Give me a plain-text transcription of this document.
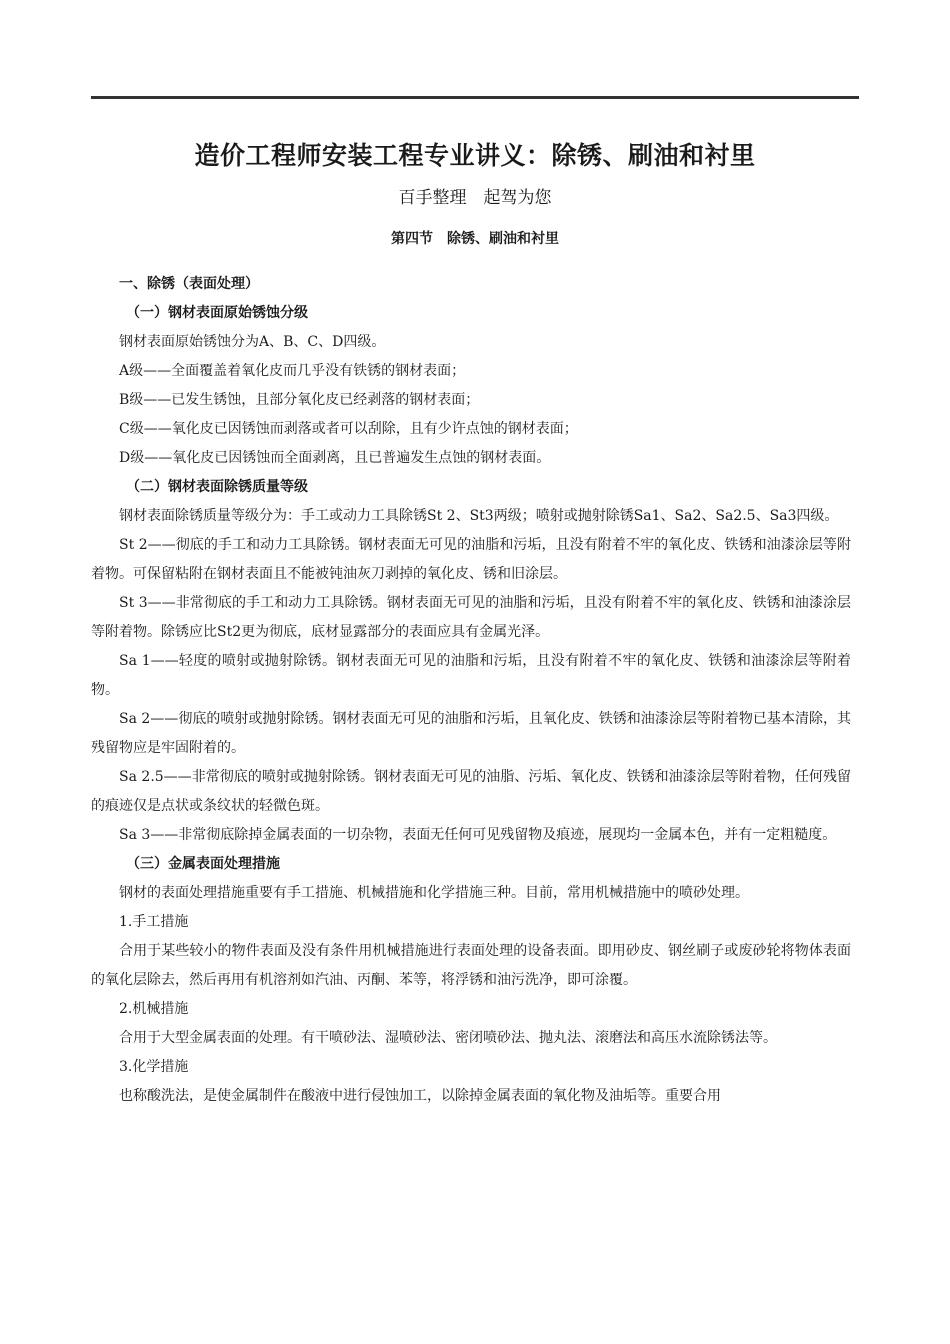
造价工程师安装工程专业讲义：除锈、刷油和衬里
百手整理　起驾为您
第四节　除锈、刷油和衬里

一、除锈（表面处理）

（一）钢材表面原始锈蚀分级

钢材表面原始锈蚀分为A、B、C、D四级。

A级——全面覆盖着氧化皮而几乎没有铁锈的钢材表面；

B级——已发生锈蚀，且部分氧化皮已经剥落的钢材表面；

C级——氧化皮已因锈蚀而剥落或者可以刮除，且有少许点蚀的钢材表面；

D级——氧化皮已因锈蚀而全面剥离，且已普遍发生点蚀的钢材表面。

（二）钢材表面除锈质量等级

钢材表面除锈质量等级分为：手工或动力工具除锈St 2、St3两级；喷射或抛射除锈Sa1、Sa2、Sa2.5、Sa3四级。

St 2——彻底的手工和动力工具除锈。钢材表面无可见的油脂和污垢，且没有附着不牢的氧化皮、铁锈和油漆涂层等附着物。可保留粘附在钢材表面且不能被钝油灰刀剥掉的氧化皮、锈和旧涂层。

St 3——非常彻底的手工和动力工具除锈。钢材表面无可见的油脂和污垢，且没有附着不牢的氧化皮、铁锈和油漆涂层等附着物。除锈应比St2更为彻底，底材显露部分的表面应具有金属光泽。

Sa 1——轻度的喷射或抛射除锈。钢材表面无可见的油脂和污垢，且没有附着不牢的氧化皮、铁锈和油漆涂层等附着物。

Sa 2——彻底的喷射或抛射除锈。钢材表面无可见的油脂和污垢，且氧化皮、铁锈和油漆涂层等附着物已基本清除，其残留物应是牢固附着的。

Sa 2.5——非常彻底的喷射或抛射除锈。钢材表面无可见的油脂、污垢、氧化皮、铁锈和油漆涂层等附着物，任何残留的痕迹仅是点状或条纹状的轻微色斑。

Sa 3——非常彻底除掉金属表面的一切杂物，表面无任何可见残留物及痕迹，展现均一金属本色，并有一定粗糙度。

（三）金属表面处理措施

钢材的表面处理措施重要有手工措施、机械措施和化学措施三种。目前，常用机械措施中的喷砂处理。

1.手工措施

合用于某些较小的物件表面及没有条件用机械措施进行表面处理的设备表面。即用砂皮、钢丝刷子或废砂轮将物体表面的氧化层除去，然后再用有机溶剂如汽油、丙酮、苯等，将浮锈和油污洗净，即可涂覆。

2.机械措施

合用于大型金属表面的处理。有干喷砂法、湿喷砂法、密闭喷砂法、抛丸法、滚磨法和高压水流除锈法等。

3.化学措施

也称酸洗法，是使金属制件在酸液中进行侵蚀加工，以除掉金属表面的氧化物及油垢等。重要合用
